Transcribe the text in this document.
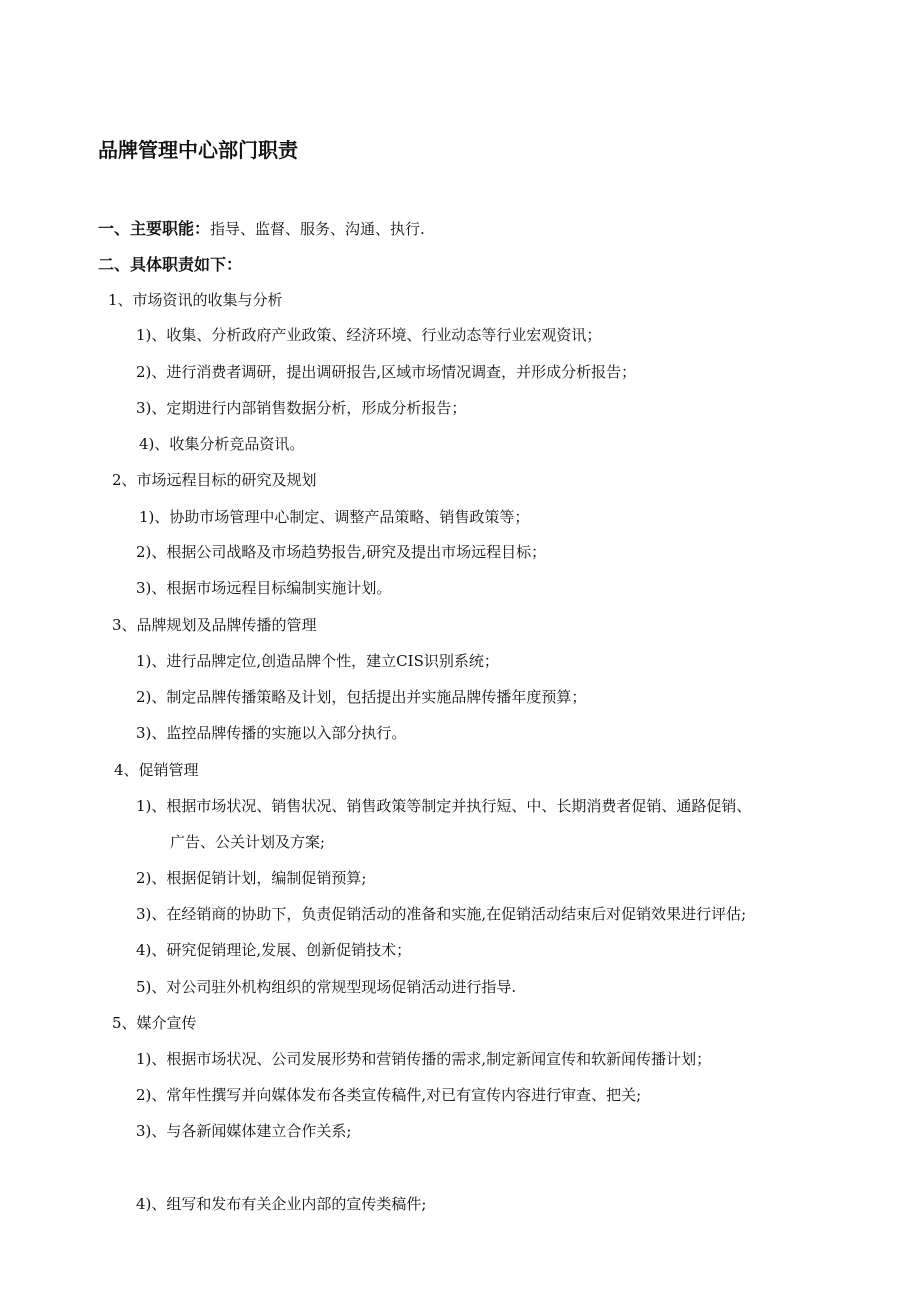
品牌管理中心部门职责
一、主要职能：指导、监督、服务、沟通、执行.
二、具体职责如下：
1、市场资讯的收集与分析
1)、收集、分析政府产业政策、经济环境、行业动态等行业宏观资讯；
2)、进行消费者调研，提出调研报告,区域市场情况调查，并形成分析报告；
3)、定期进行内部销售数据分析，形成分析报告；
4)、收集分析竞品资讯。
2、市场远程目标的研究及规划
1)、协助市场管理中心制定、调整产品策略、销售政策等；
2)、根据公司战略及市场趋势报告,研究及提出市场远程目标；
3)、根据市场远程目标编制实施计划。
3、品牌规划及品牌传播的管理
1)、进行品牌定位,创造品牌个性，建立CIS识别系统；
2)、制定品牌传播策略及计划，包括提出并实施品牌传播年度预算；
3)、监控品牌传播的实施以入部分执行。
4、促销管理
1)、根据市场状况、销售状况、销售政策等制定并执行短、中、长期消费者促销、通路促销、
广告、公关计划及方案;
2)、根据促销计划，编制促销预算;
3)、在经销商的协助下，负责促销活动的准备和实施,在促销活动结束后对促销效果进行评估;
4)、研究促销理论,发展、创新促销技术；
5)、对公司驻外机构组织的常规型现场促销活动进行指导.
5、媒介宣传
1)、根据市场状况、公司发展形势和营销传播的需求,制定新闻宣传和软新闻传播计划；
2)、常年性撰写并向媒体发布各类宣传稿件,对已有宣传内容进行审查、把关;
3)、与各新闻媒体建立合作关系;
4)、组写和发布有关企业内部的宣传类稿件;
